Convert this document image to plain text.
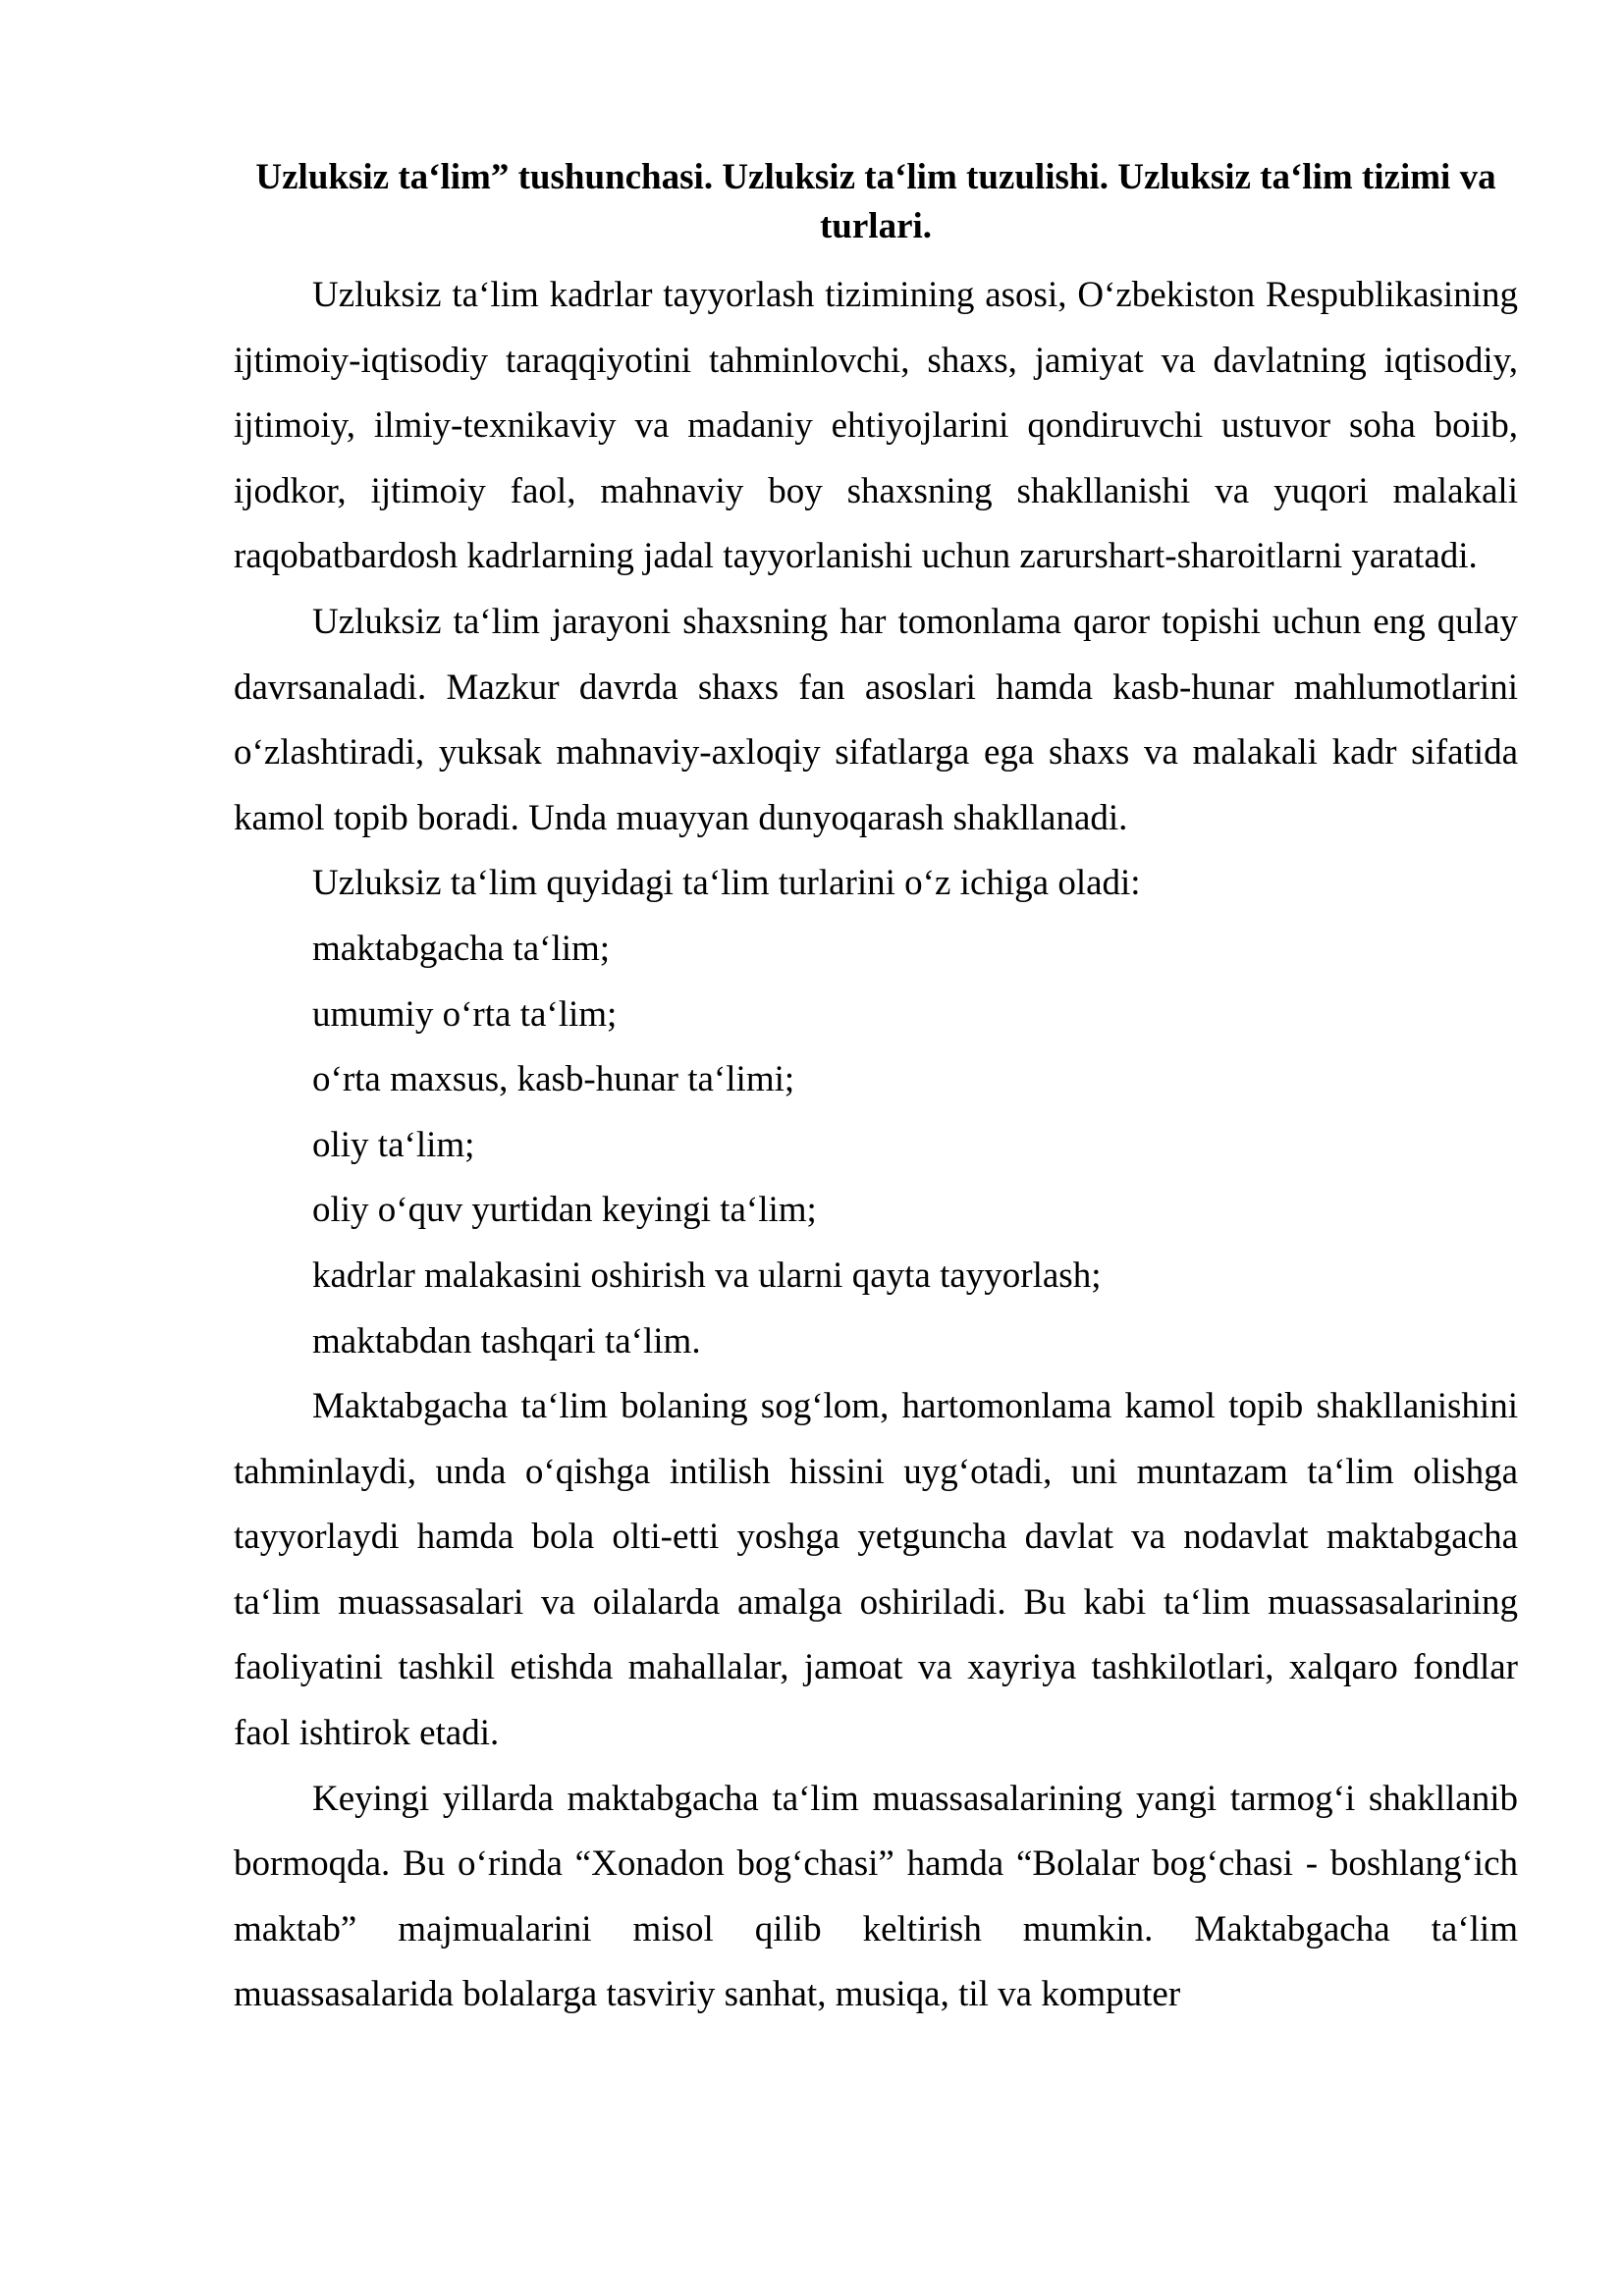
Uzluksiz ta‘lim” tushunchasi. Uzluksiz ta‘lim tuzulishi. Uzluksiz ta‘lim tizimi va turlari.

Uzluksiz ta‘lim kadrlar tayyorlash tizimining asosi, O‘zbekiston Respublikasining ijtimoiy-iqtisodiy taraqqiyotini tahminlovchi, shaxs, jamiyat va davlatning iqtisodiy, ijtimoiy, ilmiy-texnikaviy va madaniy ehtiyojlarini qondiruvchi ustuvor soha boiib, ijodkor, ijtimoiy faol, mahnaviy boy shaxsning shakllanishi va yuqori malakali raqobatbardosh kadrlarning jadal tayyorlanishi uchun zarurshart-sharoitlarni yaratadi.

Uzluksiz ta‘lim jarayoni shaxsning har tomonlama qaror topishi uchun eng qulay davrsanaladi. Mazkur davrda shaxs fan asoslari hamda kasb-hunar mahlumotlarini o‘zlashtiradi, yuksak mahnaviy-axloqiy sifatlarga ega shaxs va malakali kadr sifatida kamol topib boradi. Unda muayyan dunyoqarash shakllanadi.

Uzluksiz ta‘lim quyidagi ta‘lim turlarini o‘z ichiga oladi:

maktabgacha ta‘lim;
umumiy o‘rta ta‘lim;
o‘rta maxsus, kasb-hunar ta‘limi;
oliy ta‘lim;
oliy o‘quv yurtidan keyingi ta‘lim;
kadrlar malakasini oshirish va ularni qayta tayyorlash;
maktabdan tashqari ta‘lim.

Maktabgacha ta‘lim bolaning sog‘lom, hartomonlama kamol topib shakllanishini tahminlaydi, unda o‘qishga intilish hissini uyg‘otadi, uni muntazam ta‘lim olishga tayyorlaydi hamda bola olti-etti yoshga yetguncha davlat va nodavlat maktabgacha ta‘lim muassasalari va oilalarda amalga oshiriladi. Bu kabi ta‘lim muassasalarining faoliyatini tashkil etishda mahallalar, jamoat va xayriya tashkilotlari, xalqaro fondlar faol ishtirok etadi.

Keyingi yillarda maktabgacha ta‘lim muassasalarining yangi tarmog‘i shakllanib bormoqda. Bu o‘rinda “Xonadon bog‘chasi” hamda “Bolalar bog‘chasi - boshlang‘ich maktab” majmualarini misol qilib keltirish mumkin. Maktabgacha ta‘lim muassasalarida bolalarga tasviriy sanhat, musiqa, til va komputer
